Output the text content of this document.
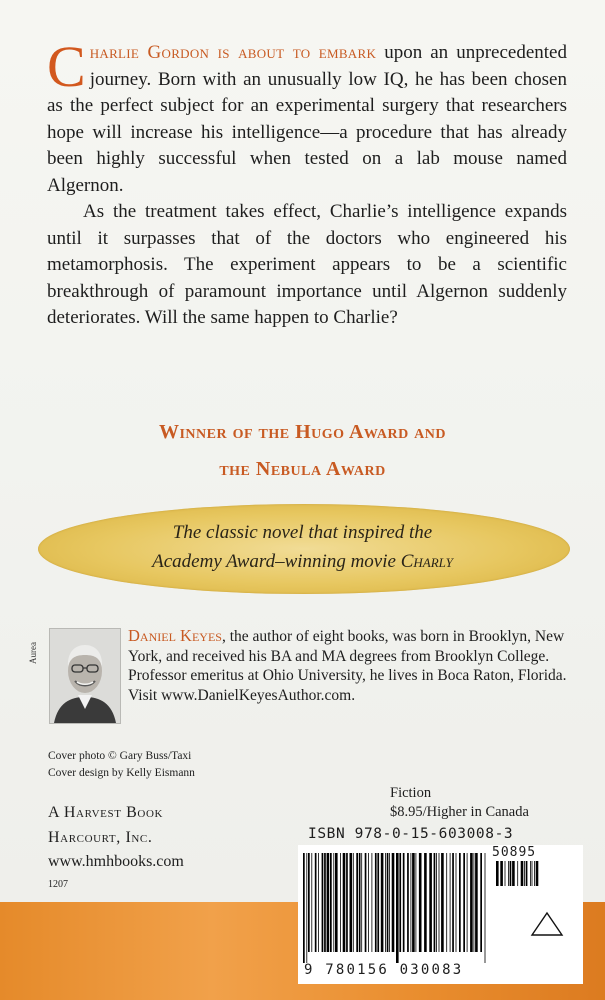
Charlie Gordon is about to embark upon an unprecedented journey. Born with an unusually low IQ, he has been chosen as the perfect subject for an experimental surgery that researchers hope will increase his intelligence—a procedure that has already been highly successful when tested on a lab mouse named Algernon.

As the treatment takes effect, Charlie’s intelligence expands until it surpasses that of the doctors who engineered his metamorphosis. The experiment appears to be a scientific breakthrough of paramount importance until Algernon suddenly deteriorates. Will the same happen to Charlie?

Winner of the Hugo Award and
the Nebula Award
The classic novel that inspired the
Academy Award–winning movie Charly
Aurea

Daniel Keyes, the author of eight books, was born in Brooklyn, New York, and received his BA and MA degrees from Brooklyn College. Professor emeritus at Ohio University, he lives in Boca Raton, Florida. Visit www.DanielKeyesAuthor.com.

Cover photo © Gary Buss/Taxi
Cover design by Kelly Eismann
A Harvest Book
Harcourt, Inc.
www.hmhbooks.com
1207
Fiction
$8.95/Higher in Canada
ISBN 978-0-15-603008-3
50895
9 780156 030083
